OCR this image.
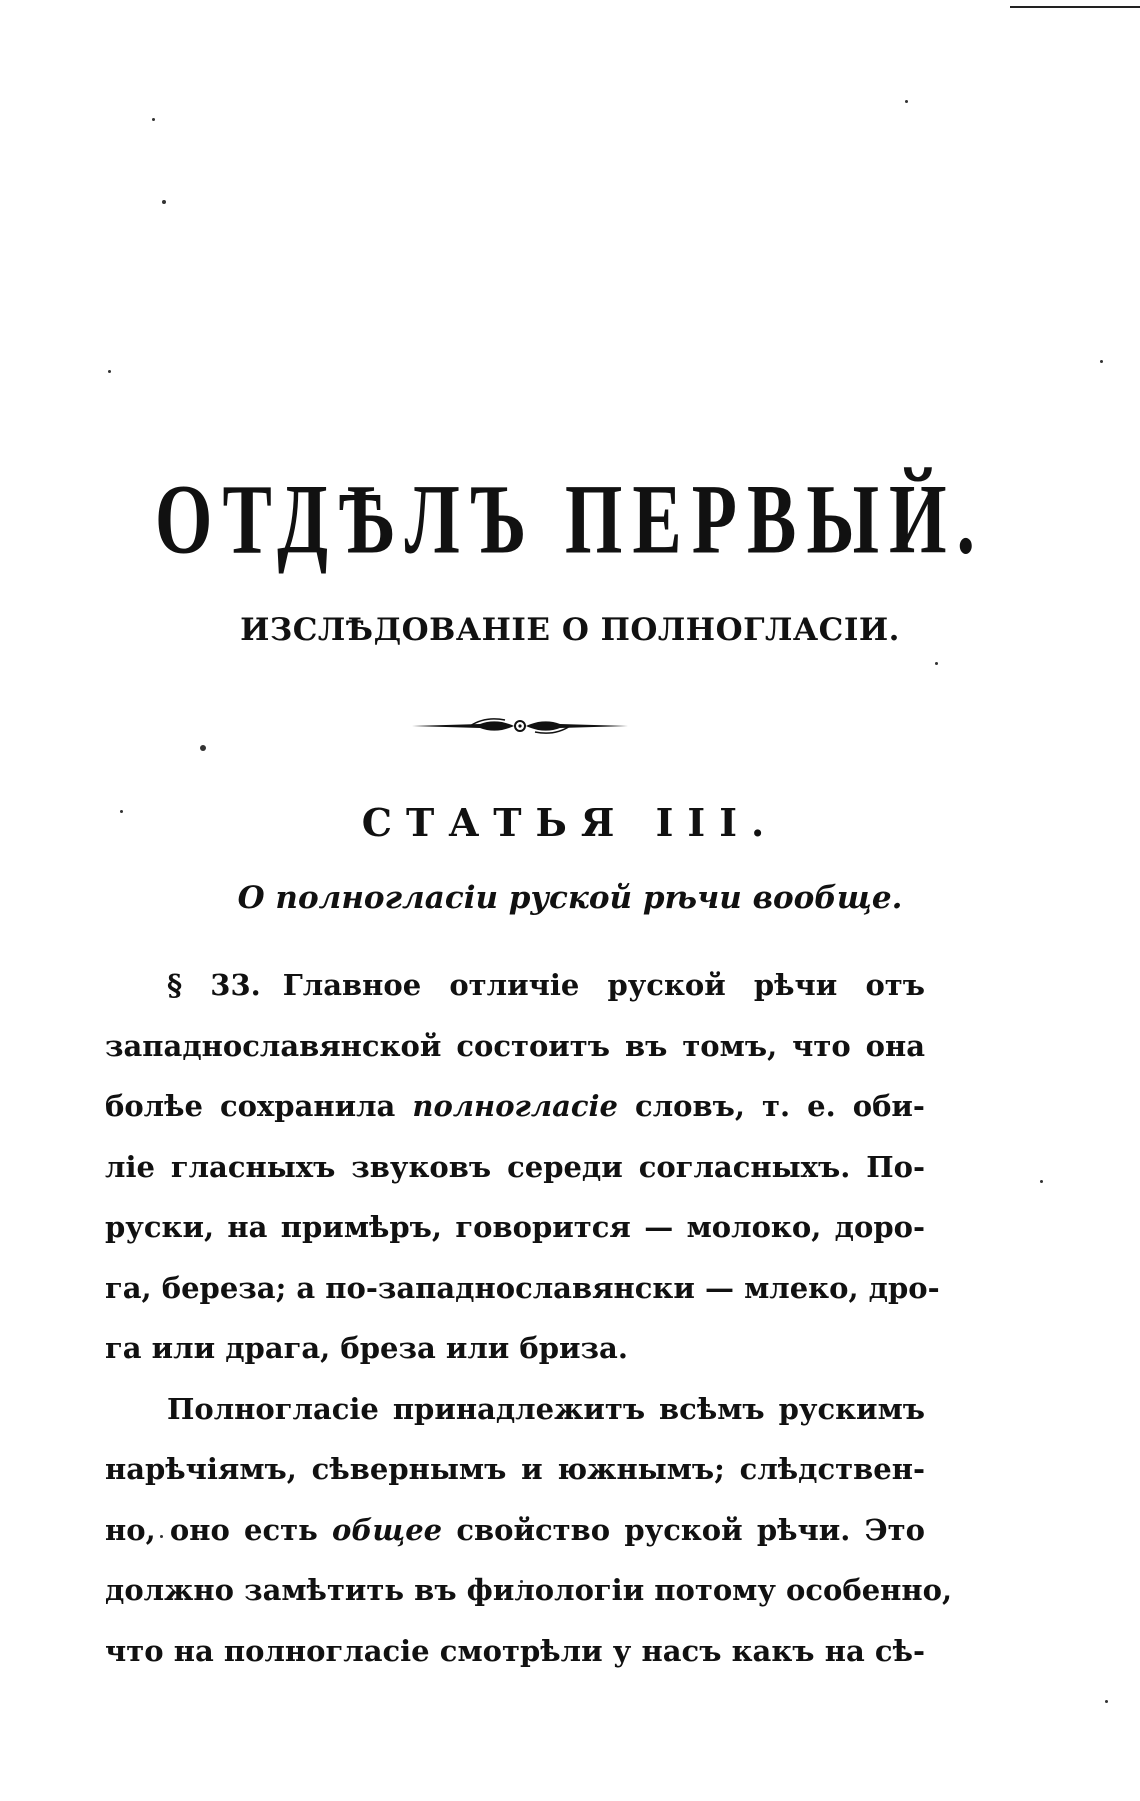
ОТДѢЛЪ ПЕРВЫЙ.
ИЗСЛѢДОВАНІЕ О ПОЛНОГЛАСІИ.
СТАТЬЯ III.
О полногласіи руской рѣчи вообще.
§ 33. Главное отличіе руской рѣчи отъ
западнославянской состоитъ въ томъ, что она
болѣе сохранила полногласіе словъ, т. е. оби-
ліе гласныхъ звуковъ середи согласныхъ. По-
руски, на примѣръ, говорится — молоко, доро-
га, береза; а по-западнославянски — млеко, дро-
га или драга, бреза или бриза.
Полногласіе принадлежитъ всѣмъ рускимъ
нарѣчіямъ, сѣвернымъ и южнымъ; слѣдствен-
но, оно есть общее свойство руской рѣчи. Это
должно замѣтить въ филологіи потому особенно,
что на полногласіе смотрѣли у насъ какъ на сѣ-
